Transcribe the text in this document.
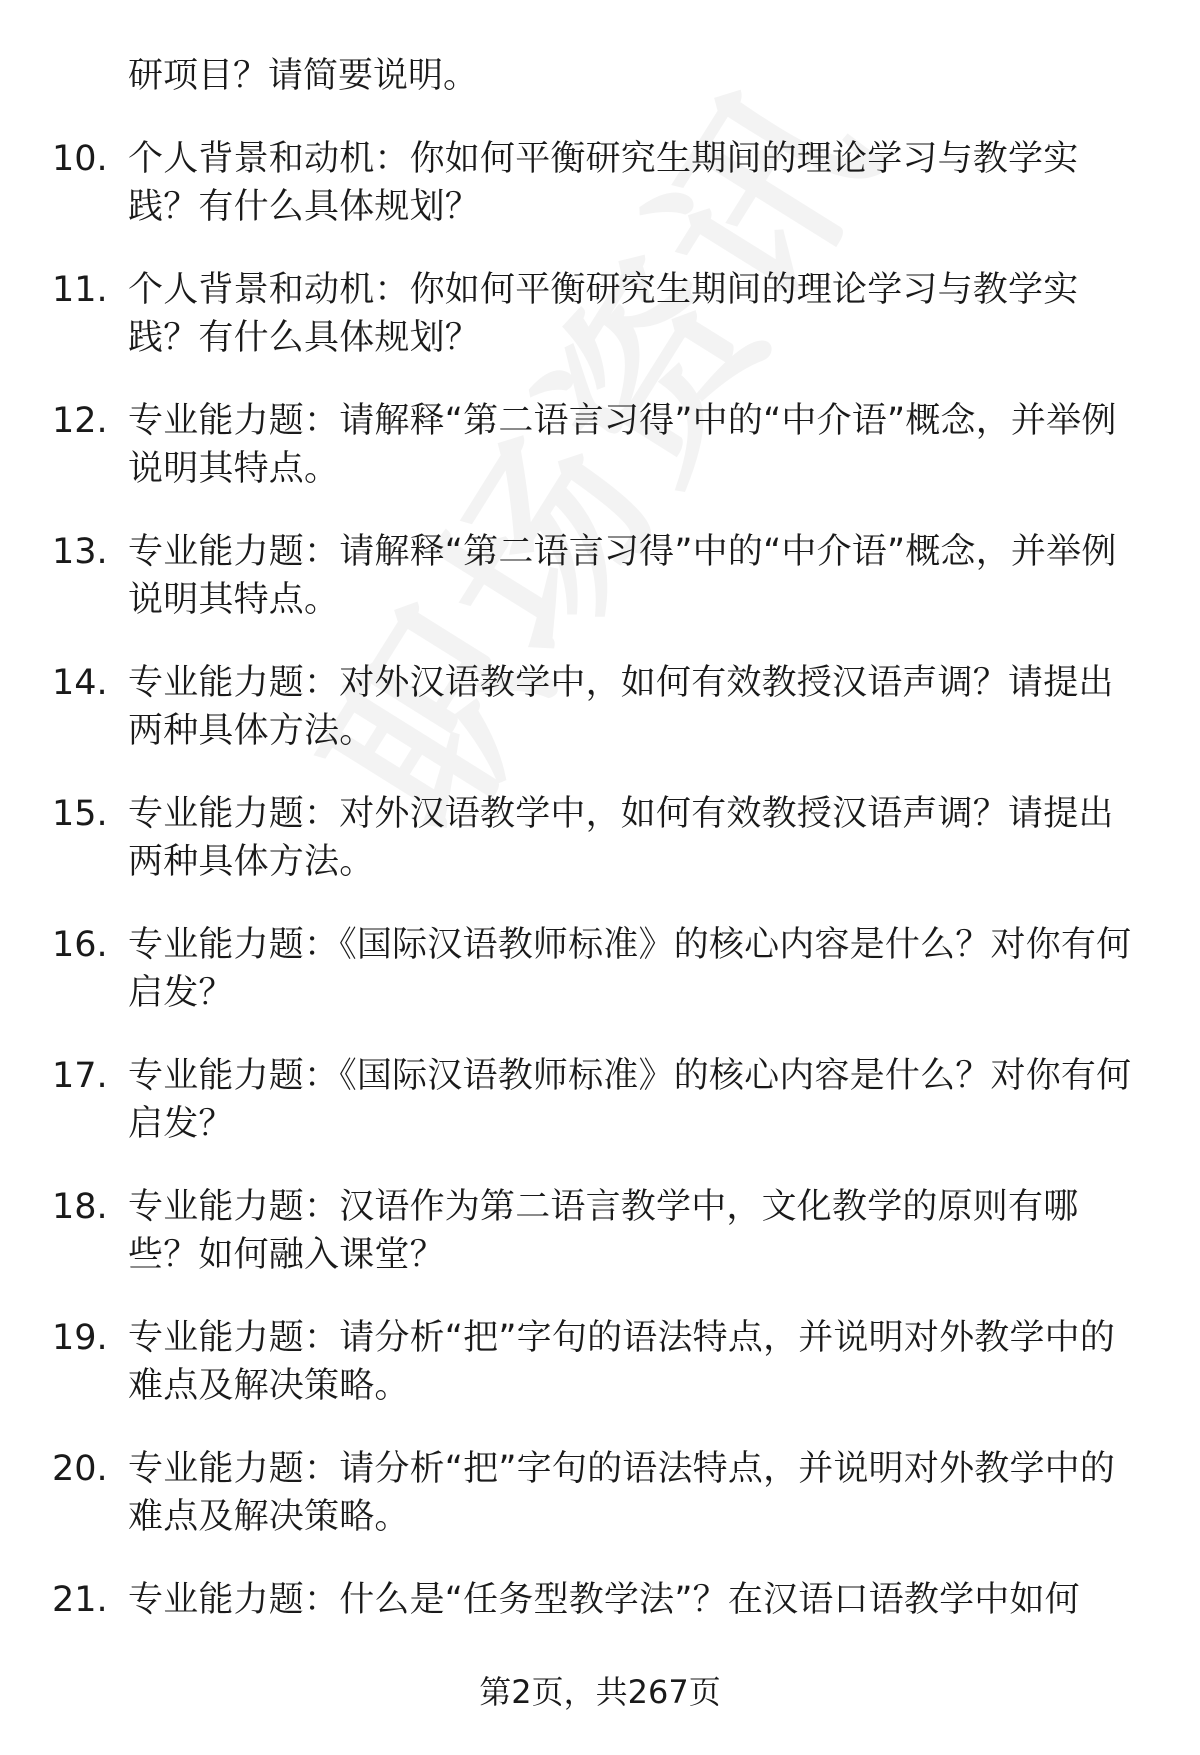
研项目？请简要说明。
10. 个人背景和动机：你如何平衡研究生期间的理论学习与教学实践？有什么具体规划？
11. 个人背景和动机：你如何平衡研究生期间的理论学习与教学实践？有什么具体规划？
12. 专业能力题：请解释“第二语言习得”中的“中介语”概念，并举例说明其特点。
13. 专业能力题：请解释“第二语言习得”中的“中介语”概念，并举例说明其特点。
14. 专业能力题：对外汉语教学中，如何有效教授汉语声调？请提出两种具体方法。
15. 专业能力题：对外汉语教学中，如何有效教授汉语声调？请提出两种具体方法。
16. 专业能力题：《国际汉语教师标准》的核心内容是什么？对你有何启发？
17. 专业能力题：《国际汉语教师标准》的核心内容是什么？对你有何启发？
18. 专业能力题：汉语作为第二语言教学中，文化教学的原则有哪些？如何融入课堂？
19. 专业能力题：请分析“把”字句的语法特点，并说明对外教学中的难点及解决策略。
20. 专业能力题：请分析“把”字句的语法特点，并说明对外教学中的难点及解决策略。
21. 专业能力题：什么是“任务型教学法”？在汉语口语教学中如何
第2页，共267页
